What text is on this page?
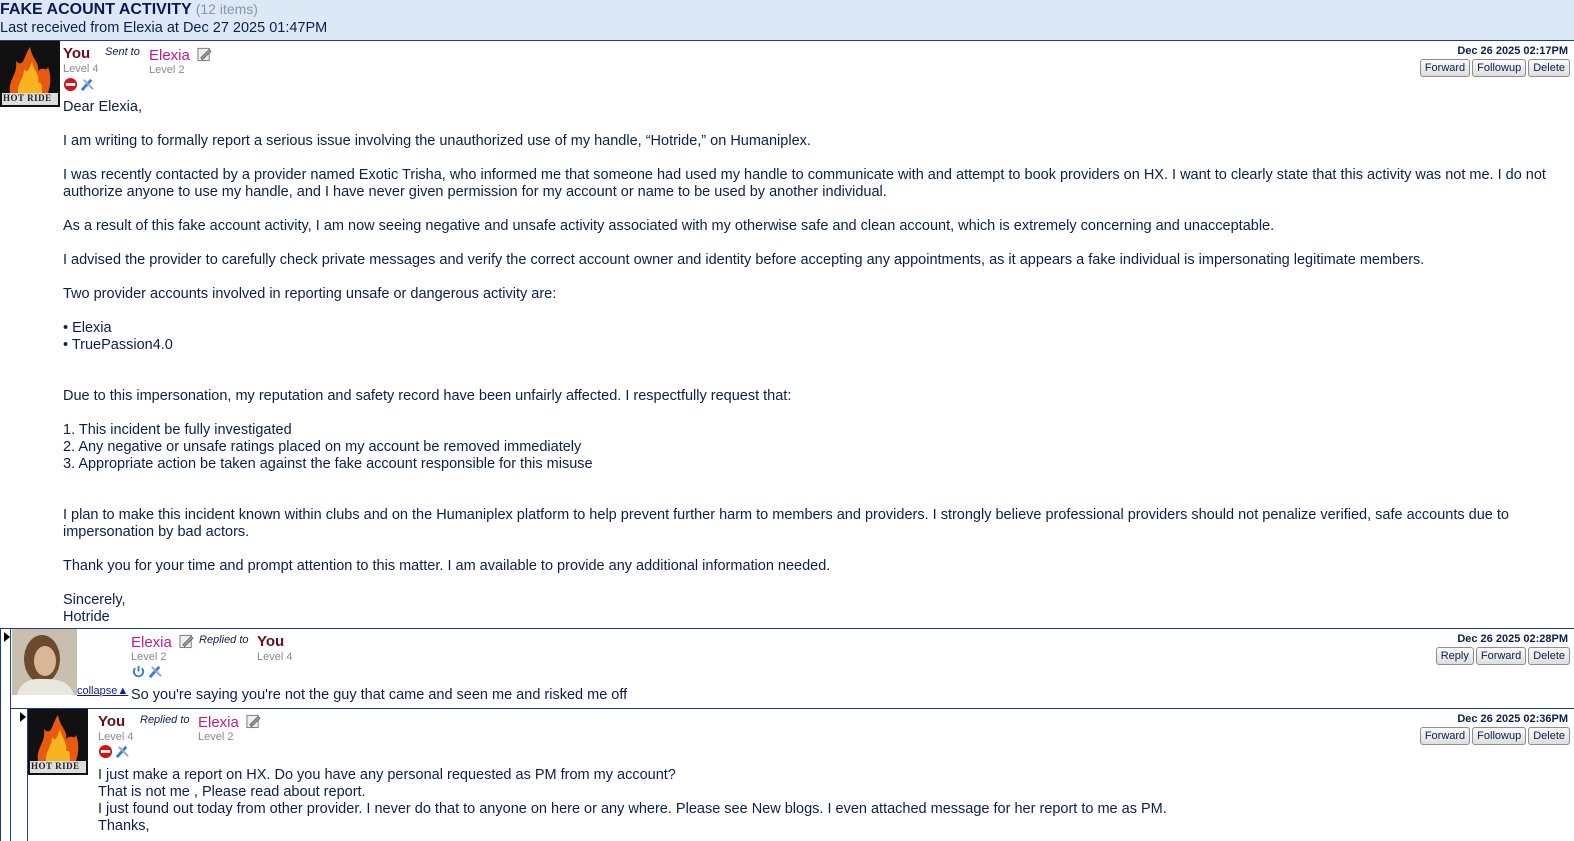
FAKE ACOUNT ACTIVITY (12 items)
Last received from Elexia at Dec 27 2025 01:47PM
HOT RIDE
You
Level 4
Sent to Elexia
Level 2
Dec 26 2025 02:17PM
Forward	Followup	Delete

Dear Elexia,

I am writing to formally report a serious issue involving the unauthorized use of my handle, “Hotride,” on Humaniplex.

I was recently contacted by a provider named Exotic Trisha, who informed me that someone had used my handle to communicate with and attempt to book providers on HX. I want to clearly state that this activity was not me. I do not
authorize anyone to use my handle, and I have never given permission for my account or name to be used by another individual.

As a result of this fake account activity, I am now seeing negative and unsafe activity associated with my otherwise safe and clean account, which is extremely concerning and unacceptable.

I advised the provider to carefully check private messages and verify the correct account owner and identity before accepting any appointments, as it appears a fake individual is impersonating legitimate members.

Two provider accounts involved in reporting unsafe or dangerous activity are:

• Elexia
• TruePassion4.0

Due to this impersonation, my reputation and safety record have been unfairly affected. I respectfully request that:

1. This incident be fully investigated
2. Any negative or unsafe ratings placed on my account be removed immediately
3. Appropriate action be taken against the fake account responsible for this misuse

I plan to make this incident known within clubs and on the Humaniplex platform to help prevent further harm to members and providers. I strongly believe professional providers should not penalize verified, safe accounts due to
impersonation by bad actors.

Thank you for your time and prompt attention to this matter. I am available to provide any additional information needed.

Sincerely,
Hotride

collapse▲
Elexia
Level 2
Replied to You
Level 4
Dec 26 2025 02:28PM
Reply	Forward	Delete
So you're saying you're not the guy that came and seen me and risked me off
HOT RIDE
You
Level 4
Replied to Elexia
Level 2
Dec 26 2025 02:36PM
Forward	Followup	Delete
I just make a report on HX. Do you have any personal requested as PM from my account?
That is not me , Please read about report.
I just found out today from other provider. I never do that to anyone on here or any where. Please see New blogs. I even attached message for her report to me as PM.
Thanks,
